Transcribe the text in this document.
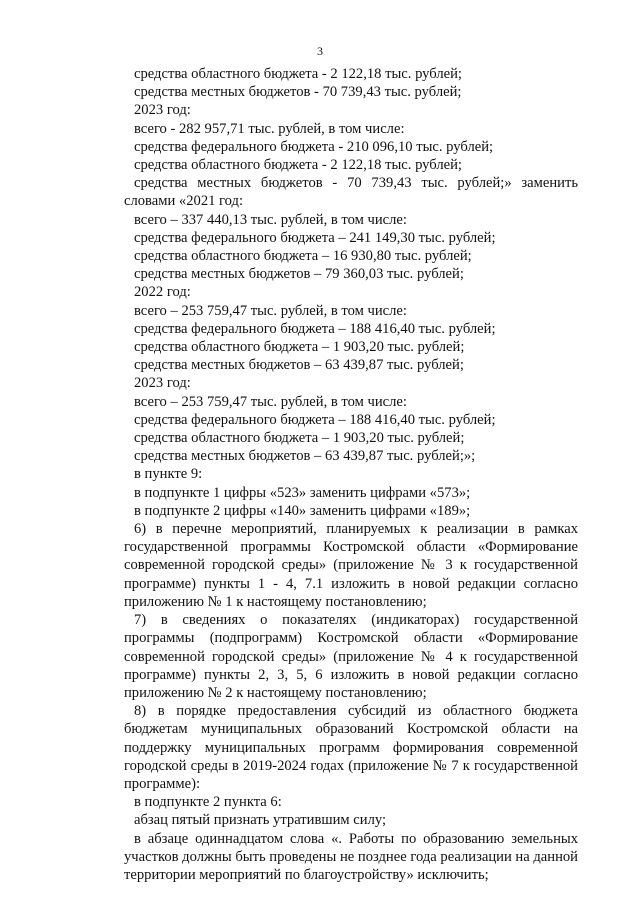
3
средства областного бюджета - 2 122,18 тыс. рублей;
средства местных бюджетов - 70 739,43 тыс. рублей;
2023 год:
всего - 282 957,71 тыс. рублей, в том числе:
средства федерального бюджета - 210 096,10 тыс. рублей;
средства областного бюджета - 2 122,18 тыс. рублей;
средства местных бюджетов - 70 739,43 тыс. рублей;» заменить
словами «2021 год:
всего – 337 440,13 тыс. рублей, в том числе:
средства федерального бюджета – 241 149,30 тыс. рублей;
средства областного бюджета – 16 930,80 тыс. рублей;
средства местных бюджетов – 79 360,03 тыс. рублей;
2022 год:
всего – 253 759,47 тыс. рублей, в том числе:
средства федерального бюджета – 188 416,40 тыс. рублей;
средства областного бюджета – 1 903,20 тыс. рублей;
средства местных бюджетов – 63 439,87 тыс. рублей;
2023 год:
всего – 253 759,47 тыс. рублей, в том числе:
средства федерального бюджета – 188 416,40 тыс. рублей;
средства областного бюджета – 1 903,20 тыс. рублей;
средства местных бюджетов – 63 439,87 тыс. рублей;»;
в пункте 9:
в подпункте 1 цифры «523» заменить цифрами «573»;
в подпункте 2 цифры «140» заменить цифрами «189»;
6) в перечне мероприятий, планируемых к реализации в рамках
государственной программы Костромской области «Формирование
современной городской среды» (приложение № 3 к государственной
программе) пункты 1 - 4, 7.1 изложить в новой редакции согласно
приложению № 1 к настоящему постановлению;
7) в сведениях о показателях (индикаторах) государственной
программы (подпрограмм) Костромской области «Формирование
современной городской среды» (приложение № 4 к государственной
программе) пункты 2, 3, 5, 6 изложить в новой редакции согласно
приложению № 2 к настоящему постановлению;
8) в порядке предоставления субсидий из областного бюджета
бюджетам муниципальных образований Костромской области на
поддержку муниципальных программ формирования современной
городской среды в 2019-2024 годах (приложение № 7 к государственной
программе):
в подпункте 2 пункта 6:
абзац пятый признать утратившим силу;
в абзаце одиннадцатом слова «. Работы по образованию земельных
участков должны быть проведены не позднее года реализации на данной
территории мероприятий по благоустройству» исключить;
